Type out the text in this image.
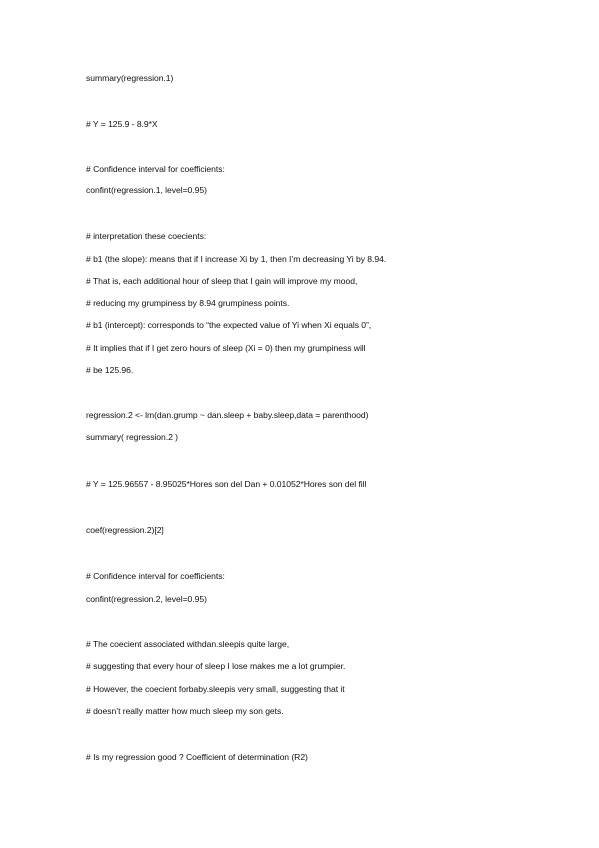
summary(regression.1)
# Y = 125.9 - 8.9*X
# Confidence interval for coefficients:
confint(regression.1, level=0.95)
# interpretation these coecients:
# b1 (the slope): means that if I increase Xi by 1, then I’m decreasing Yi by 8.94.
# That is, each additional hour of sleep that I gain will improve my mood,
# reducing my grumpiness by 8.94 grumpiness points.
# b1 (intercept): corresponds to “the expected value of Yi when Xi equals 0”,
# It implies that if I get zero hours of sleep (Xi = 0) then my grumpiness will
# be 125.96.
regression.2 <- lm(dan.grump ~ dan.sleep + baby.sleep,data = parenthood)
summary( regression.2 )
# Y = 125.96557 - 8.95025*Hores son del Dan + 0.01052*Hores son del fill
coef(regression.2)[2]
# Confidence interval for coefficients:
confint(regression.2, level=0.95)
# The coecient associated withdan.sleepis quite large,
# suggesting that every hour of sleep I lose makes me a lot grumpier.
# However, the coecient forbaby.sleepis very small, suggesting that it
# doesn’t really matter how much sleep my son gets.
# Is my regression good ? Coefficient of determination (R2)
